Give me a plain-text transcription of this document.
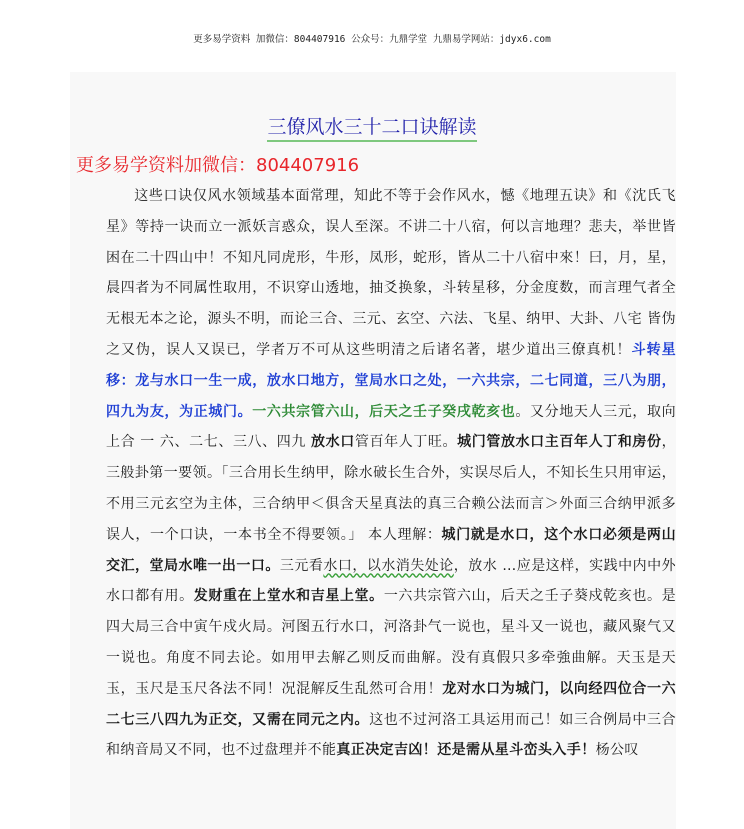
更多易学资料 加微信：804407916 公众号：九鼎学堂 九鼎易学网站：jdyx6.com
三僚风水三十二口诀解读
更多易学资料加微信：804407916
这些口诀仅风水领域基本面常理，知此不等于会作风水，憾《地理五诀》和《沈氏飞星》等持一诀而立一派妖言惑众，误人至深。不讲二十八宿，何以言地理？悲夫，举世皆困在二十四山中！不知凡同虎形，牛形，凤形，蛇形，皆从二十八宿中來！曰，月，星，晨四者为不同属性取用，不识穿山透地，抽爻换象，斗转星移，分金度数，而言理气者全无根无本之论，源头不明，而论三合、三元、玄空、六法、飞星、纳甲、大卦、八宅 皆伪之又伪，误人又误已，学者万不可从这些明清之后诸名著，堪少道出三僚真机！斗转星移：龙与水口一生一成，放水口地方，堂局水口之处，一六共宗，二七同道，三八为朋，四九为友，为正城门。一六共宗管六山，后天之壬子癸戌乾亥也。又分地天人三元，取向上合 一 六、二七、三八、四九 放水口管百年人丁旺。城门管放水口主百年人丁和房份，三般卦第一要领。「三合用长生纳甲，除水破长生合外，实误尽后人，不知长生只用审运，不用三元玄空为主体，三合纳甲＜俱含天星真法的真三合赖公法而言＞外面三合纳甲派多误人，一个口诀，一本书全不得要领。」 本人理解：城门就是水口，这个水口必须是两山交汇，堂局水唯一出一口。三元看水口，以水消失处论，放水 …应是这样，实践中内中外水口都有用。发财重在上堂水和吉星上堂。一六共宗管六山，后天之壬子葵戍乾亥也。是四大局三合中寅午戍火局。河图五行水口，河洛卦气一说也，星斗又一说也，藏风聚气又一说也。角度不同去论。如用甲去解乙则反而曲解。没有真假只多牵強曲解。天玉是天玉，玉尺是玉尺各法不同！况混解反生乱然可合用！龙对水口为城门，以向经四位合一六二七三八四九为正交，又需在同元之内。这也不过河洛工具运用而己！如三合例局中三合和纳音局又不同，也不过盘理并不能真正决定吉凶！还是需从星斗峦头入手！杨公叹
